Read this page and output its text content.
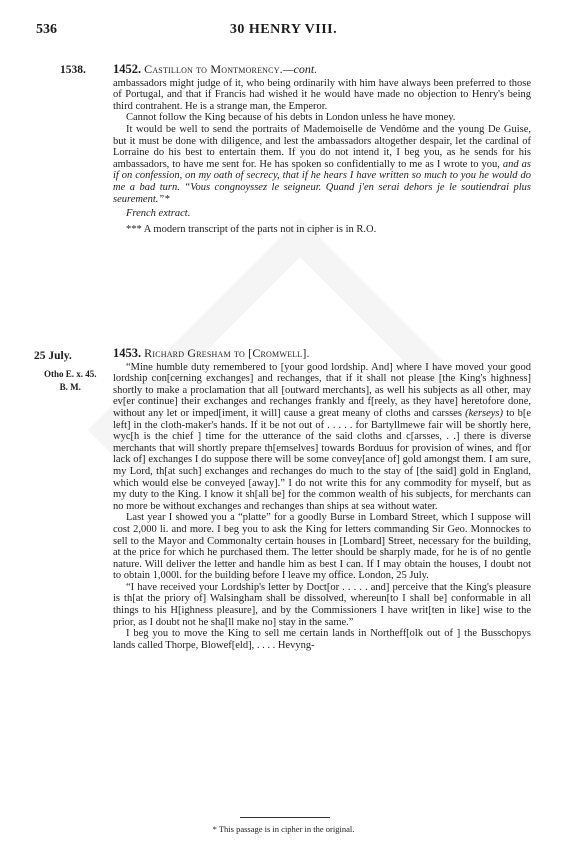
536	30 HENRY VIII.
1538.
25 July.
Otho E. x. 45.
B. M.

1452. Castillon to Montmorency.—cont.

ambassadors might judge of it, who being ordinarily with him have always been preferred to those of Portugal, and that if Francis had wished it he would have made no objection to Henry's being third contrahent. He is a strange man, the Emperor.

Cannot follow the King because of his debts in London unless he have money.

It would be well to send the portraits of Mademoiselle de Vendôme and the young De Guise, but it must be done with diligence, and lest the ambassadors altogether despair, let the cardinal of Lorraine do his best to entertain them. If you do not intend it, I beg you, as he sends for his ambassadors, to have me sent for. He has spoken so confidentially to me as I wrote to you, and as if on confession, on my oath of secrecy, that if he hears I have written so much to you he would do me a bad turn. “Vous congnoyssez le seigneur. Quand j'en serai dehors je le soutiendrai plus seurement.”*

French extract.

*** A modern transcript of the parts not in cipher is in R.O.

1453. Richard Gresham to [Cromwell].

“Mine humble duty remembered to [your good lordship. And] where I have moved your good lordship con[cerning exchanges] and rechanges, that if it shall not please [the King's highness] shortly to make a proclamation that all [outward merchants], as well his subjects as all other, may ev[er continue] their exchanges and rechanges frankly and f[reely, as they have] heretofore done, without any let or imped[iment, it will] cause a great meany of cloths and carsses (kerseys) to b[e left] in the cloth-maker's hands. If it be not out of . . . . . for Bartyllmewe fair will be shortly here, wyc[h is the chief ] time for the utterance of the said cloths and c[arsses, . .] there is diverse merchants that will shortly prepare th[emselves] towards Borduus for provision of wines, and f[or lack of] exchanges I do suppose there will be some convey[ance of] gold amongst them. I am sure, my Lord, th[at such] exchanges and rechanges do much to the stay of [the said] gold in England, which would else be conveyed [away].” I do not write this for any commodity for myself, but as my duty to the King. I know it sh[all be] for the common wealth of his subjects, for merchants can no more be without exchanges and rechanges than ships at sea without water.

Last year I showed you a “platte” for a goodly Burse in Lombard Street, which I suppose will cost 2,000 li. and more. I beg you to ask the King for letters commanding Sir Geo. Monnockes to sell to the Mayor and Commonalty certain houses in [Lombard] Street, necessary for the building, at the price for which he purchased them. The letter should be sharply made, for he is of no gentle nature. Will deliver the letter and handle him as best I can. If I may obtain the houses, I doubt not to obtain 1,000l. for the building before I leave my office. London, 25 July.

“I have received your Lordship's letter by Doct[or . . . . . and] perceive that the King's pleasure is th[at the priory of] Walsingham shall be dissolved, whereun[to I shall be] conformable in all things to his H[ighness pleasure], and by the Commissioners I have writ[ten in like] wise to the prior, as I doubt not he sha[ll make no] stay in the same.”

I beg you to move the King to sell me certain lands in Northeff[olk out of ] the Busschopys lands called Thorpe, Blowef[eld], . . . . Hevyng-

* This passage is in cipher in the original.
